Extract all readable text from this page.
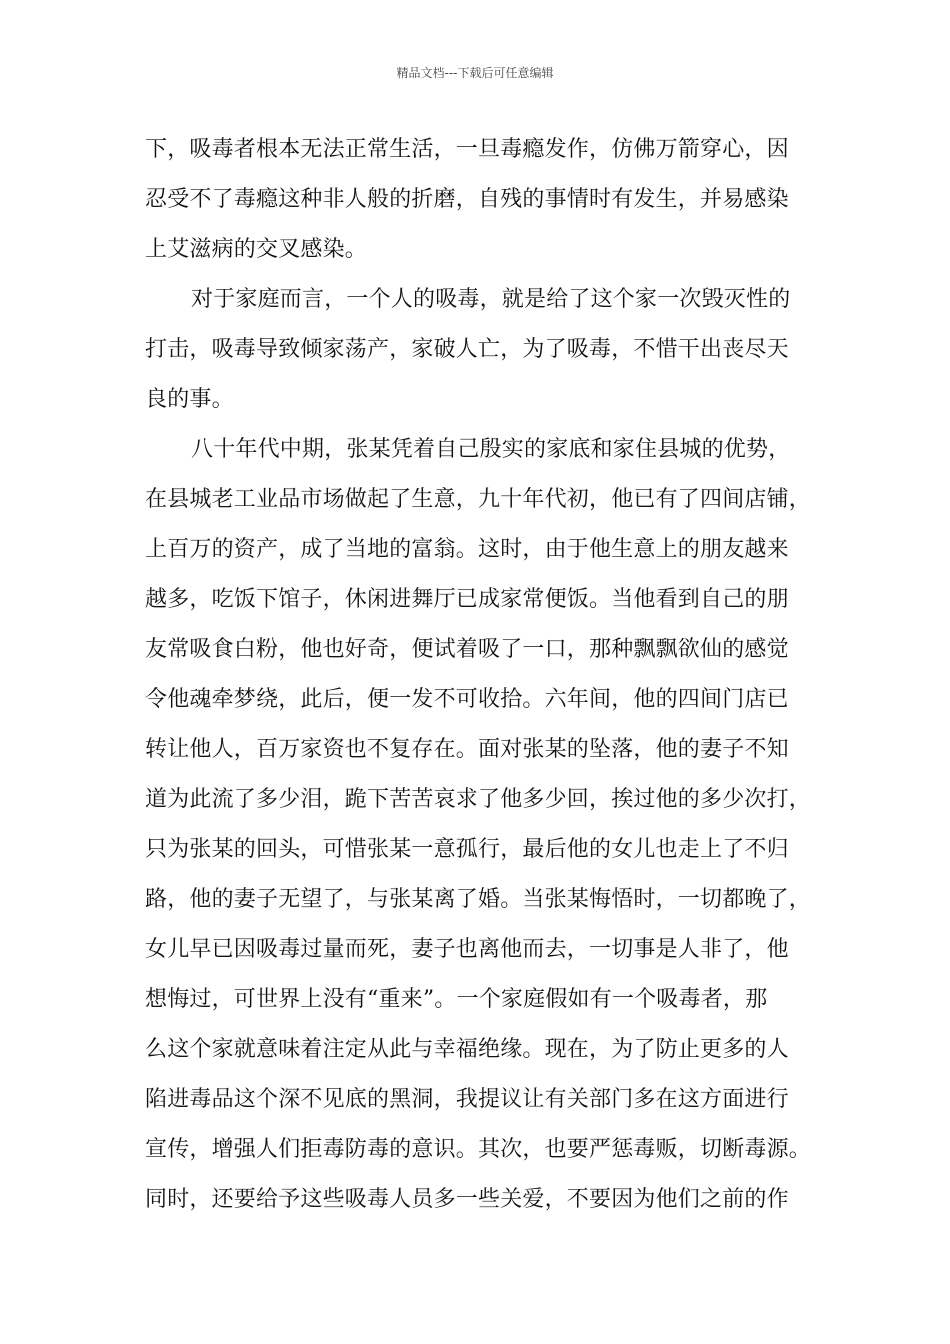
精品文档---下载后可任意编辑
下，吸毒者根本无法正常生活，一旦毒瘾发作，仿佛万箭穿心，因
忍受不了毒瘾这种非人般的折磨，自残的事情时有发生，并易感染
上艾滋病的交叉感染。
对于家庭而言，一个人的吸毒，就是给了这个家一次毁灭性的
打击，吸毒导致倾家荡产，家破人亡，为了吸毒，不惜干出丧尽天
良的事。
八十年代中期，张某凭着自己殷实的家底和家住县城的优势，
在县城老工业品市场做起了生意，九十年代初，他已有了四间店铺，
上百万的资产，成了当地的富翁。这时，由于他生意上的朋友越来
越多，吃饭下馆子，休闲进舞厅已成家常便饭。当他看到自己的朋
友常吸食白粉，他也好奇，便试着吸了一口，那种飘飘欲仙的感觉
令他魂牵梦绕，此后，便一发不可收拾。六年间，他的四间门店已
转让他人，百万家资也不复存在。面对张某的坠落，他的妻子不知
道为此流了多少泪，跪下苦苦哀求了他多少回，挨过他的多少次打，
只为张某的回头，可惜张某一意孤行，最后他的女儿也走上了不归
路，他的妻子无望了，与张某离了婚。当张某悔悟时，一切都晚了，
女儿早已因吸毒过量而死，妻子也离他而去，一切事是人非了，他
想悔过，可世界上没有“重来”。一个家庭假如有一个吸毒者，那
么这个家就意味着注定从此与幸福绝缘。现在，为了防止更多的人
陷进毒品这个深不见底的黑洞，我提议让有关部门多在这方面进行
宣传，增强人们拒毒防毒的意识。其次，也要严惩毒贩，切断毒源。
同时，还要给予这些吸毒人员多一些关爱，不要因为他们之前的作
